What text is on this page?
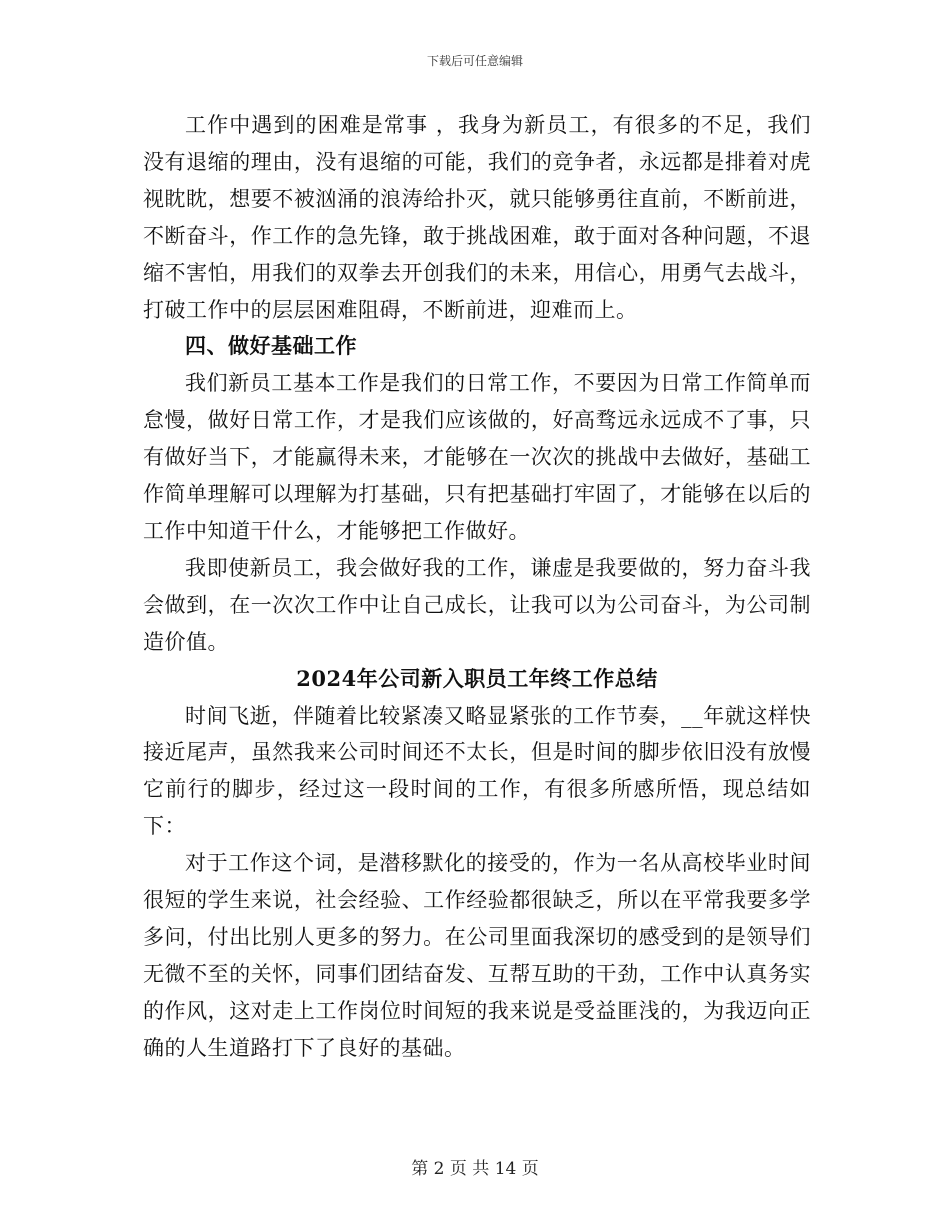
下载后可任意编辑

工作中遇到的困难是常事 ，我身为新员工，有很多的不足，我们没有退缩的理由，没有退缩的可能，我们的竞争者，永远都是排着对虎视眈眈，想要不被汹涌的浪涛给扑灭，就只能够勇往直前，不断前进，不断奋斗，作工作的急先锋，敢于挑战困难，敢于面对各种问题，不退缩不害怕，用我们的双拳去开创我们的未来，用信心，用勇气去战斗，打破工作中的层层困难阻碍，不断前进，迎难而上。

四、做好基础工作

我们新员工基本工作是我们的日常工作，不要因为日常工作简单而怠慢，做好日常工作，才是我们应该做的，好高骛远永远成不了事，只有做好当下，才能赢得未来，才能够在一次次的挑战中去做好，基础工作简单理解可以理解为打基础，只有把基础打牢固了，才能够在以后的工作中知道干什么，才能够把工作做好。

我即使新员工，我会做好我的工作，谦虚是我要做的，努力奋斗我会做到，在一次次工作中让自己成长，让我可以为公司奋斗，为公司制造价值。

2024年公司新入职员工年终工作总结

时间飞逝，伴随着比较紧凑又略显紧张的工作节奏，__年就这样快接近尾声，虽然我来公司时间还不太长，但是时间的脚步依旧没有放慢它前行的脚步，经过这一段时间的工作，有很多所感所悟，现总结如下：

对于工作这个词，是潜移默化的接受的，作为一名从高校毕业时间很短的学生来说，社会经验、工作经验都很缺乏，所以在平常我要多学多问，付出比别人更多的努力。在公司里面我深切的感受到的是领导们无微不至的关怀，同事们团结奋发、互帮互助的干劲，工作中认真务实的作风，这对走上工作岗位时间短的我来说是受益匪浅的，为我迈向正确的人生道路打下了良好的基础。

第 2 页 共 14 页
